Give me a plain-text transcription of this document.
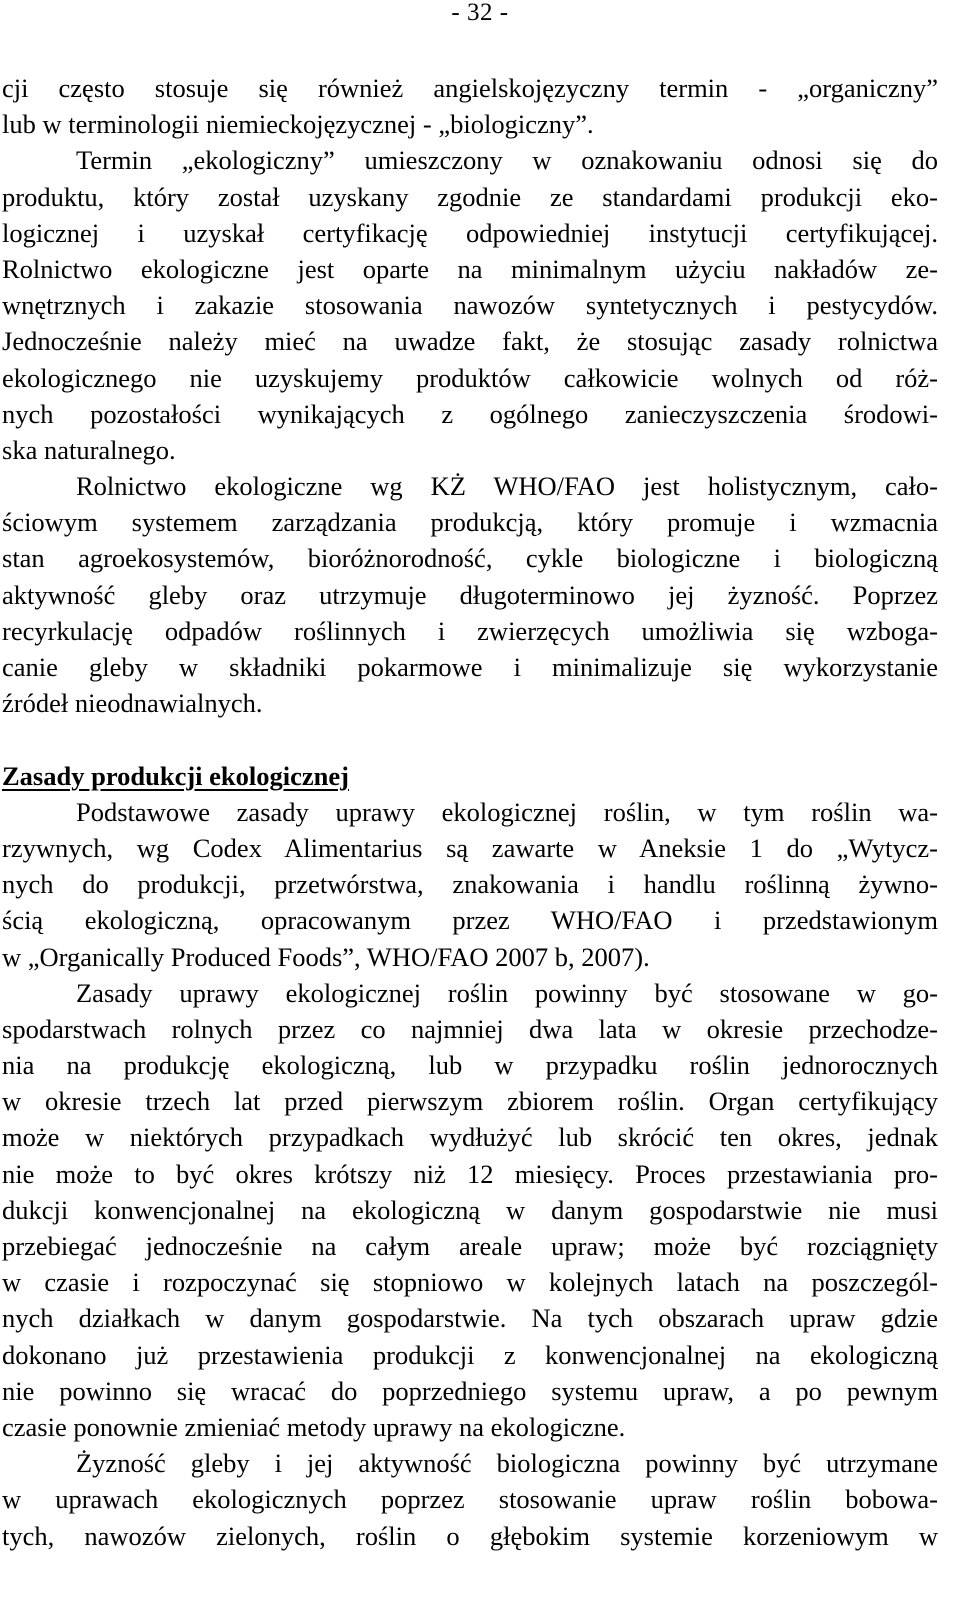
- 32 -
cji często stosuje się również angielskojęzyczny termin - „organiczny”
lub w terminologii niemieckojęzycznej - „biologiczny”.
Termin „ekologiczny” umieszczony w oznakowaniu odnosi się do
produktu, który został uzyskany zgodnie ze standardami produkcji eko-
logicznej i uzyskał certyfikację odpowiedniej instytucji certyfikującej.
Rolnictwo ekologiczne jest oparte na minimalnym użyciu nakładów ze-
wnętrznych i zakazie stosowania nawozów syntetycznych i pestycydów.
Jednocześnie należy mieć na uwadze fakt, że stosując zasady rolnictwa
ekologicznego nie uzyskujemy produktów całkowicie wolnych od róż-
nych pozostałości wynikających z ogólnego zanieczyszczenia środowi-
ska naturalnego.
Rolnictwo ekologiczne wg KŻ WHO/FAO jest holistycznym, cało-
ściowym systemem zarządzania produkcją, który promuje i wzmacnia
stan agroekosystemów, bioróżnorodność, cykle biologiczne i biologiczną
aktywność gleby oraz utrzymuje długoterminowo jej żyzność. Poprzez
recyrkulację odpadów roślinnych i zwierzęcych umożliwia się wzboga-
canie gleby w składniki pokarmowe i minimalizuje się wykorzystanie
źródeł nieodnawialnych.
Zasady produkcji ekologicznej
Podstawowe zasady uprawy ekologicznej roślin, w tym roślin wa-
rzywnych, wg Codex Alimentarius są zawarte w Aneksie 1 do „Wytycz-
nych do produkcji, przetwórstwa, znakowania i handlu roślinną żywno-
ścią ekologiczną, opracowanym przez WHO/FAO i przedstawionym
w „Organically Produced Foods”, WHO/FAO 2007 b, 2007).
Zasady uprawy ekologicznej roślin powinny być stosowane w go-
spodarstwach rolnych przez co najmniej dwa lata w okresie przechodze-
nia na produkcję ekologiczną, lub w przypadku roślin jednorocznych
w okresie trzech lat przed pierwszym zbiorem roślin. Organ certyfikujący
może w niektórych przypadkach wydłużyć lub skrócić ten okres, jednak
nie może to być okres krótszy niż 12 miesięcy. Proces przestawiania pro-
dukcji konwencjonalnej na ekologiczną w danym gospodarstwie nie musi
przebiegać jednocześnie na całym areale upraw; może być rozciągnięty
w czasie i rozpoczynać się stopniowo w kolejnych latach na poszczegól-
nych działkach w danym gospodarstwie. Na tych obszarach upraw gdzie
dokonano już przestawienia produkcji z konwencjonalnej na ekologiczną
nie powinno się wracać do poprzedniego systemu upraw, a po pewnym
czasie ponownie zmieniać metody uprawy na ekologiczne.
Żyzność gleby i jej aktywność biologiczna powinny być utrzymane
w uprawach ekologicznych poprzez stosowanie upraw roślin bobowa-
tych, nawozów zielonych, roślin o głębokim systemie korzeniowym w
